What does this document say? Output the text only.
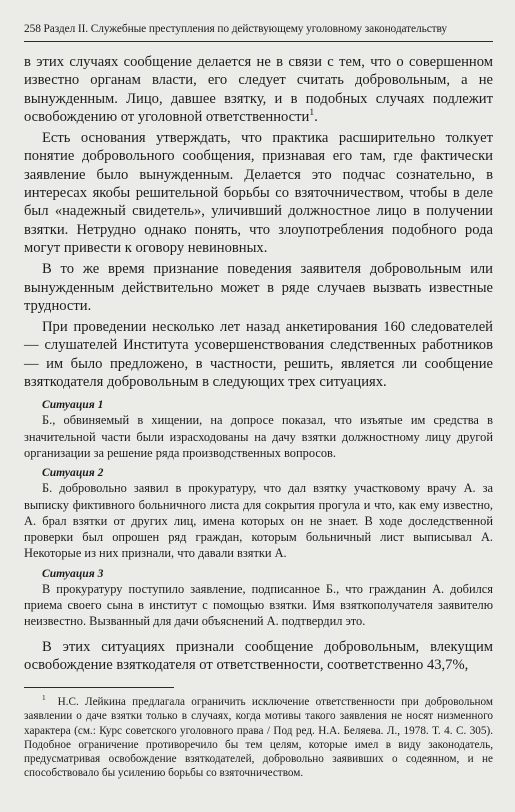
258 Раздел II. Служебные преступления по действующему уголовному законодательству

в этих случаях сообщение делается не в связи с тем, что о совершенном известно органам власти, его следует считать добровольным, а не вынужденным. Лицо, давшее взятку, и в подобных случаях подлежит освобождению от уголовной ответственности$^1$.

Есть основания утверждать, что практика расширительно толкует понятие добровольного сообщения, признавая его там, где фактически заявление было вынужденным. Делается это подчас сознательно, в интересах якобы решительной борьбы со взяточничеством, чтобы в деле был «надежный свидетель», уличивший должностное лицо в получении взятки. Нетрудно однако понять, что злоупотребления подобного рода могут привести к оговору невиновных.

В то же время признание поведения заявителя добровольным или вынужденным действительно может в ряде случаев вызвать известные трудности.

При проведении несколько лет назад анкетирования 160 следователей — слушателей Института усовершенствования следственных работников — им было предложено, в частности, решить, является ли сообщение взяткодателя добровольным в следующих трех ситуациях.

Ситуация 1

Б., обвиняемый в хищении, на допросе показал, что изъятые им средства в значительной части были израсходованы на дачу взятки должностному лицу другой организации за решение ряда производственных вопросов.

Ситуация 2

Б. добровольно заявил в прокуратуру, что дал взятку участковому врачу А. за выписку фиктивного больничного листа для сокрытия прогула и что, как ему известно, А. брал взятки от других лиц, имена которых он не знает. В ходе доследственной проверки был опрошен ряд граждан, которым больничный лист выписывал А. Некоторые из них признали, что давали взятки А.

Ситуация 3

В прокуратуру поступило заявление, подписанное Б., что гражданин А. добился приема своего сына в институт с помощью взятки. Имя взяткополучателя заявителю неизвестно. Вызванный для дачи объяснений А. подтвердил это.

В этих ситуациях признали сообщение добровольным, влекущим освобождение взяткодателя от ответственности, соответственно 43,7%,

$^1$ Н.С. Лейкина предлагала ограничить исключение ответственности при добровольном заявлении о даче взятки только в случаях, когда мотивы такого заявления не носят низменного характера (см.: Курс советского уголовного права / Под ред. Н.А. Беляева. Л., 1978. Т. 4. С. 305). Подобное ограничение противоречило бы тем целям, которые имел в виду законодатель, предусматривая освобождение взяткодателей, добровольно заявивших о содеянном, и не способствовало бы усилению борьбы со взяточничеством.
